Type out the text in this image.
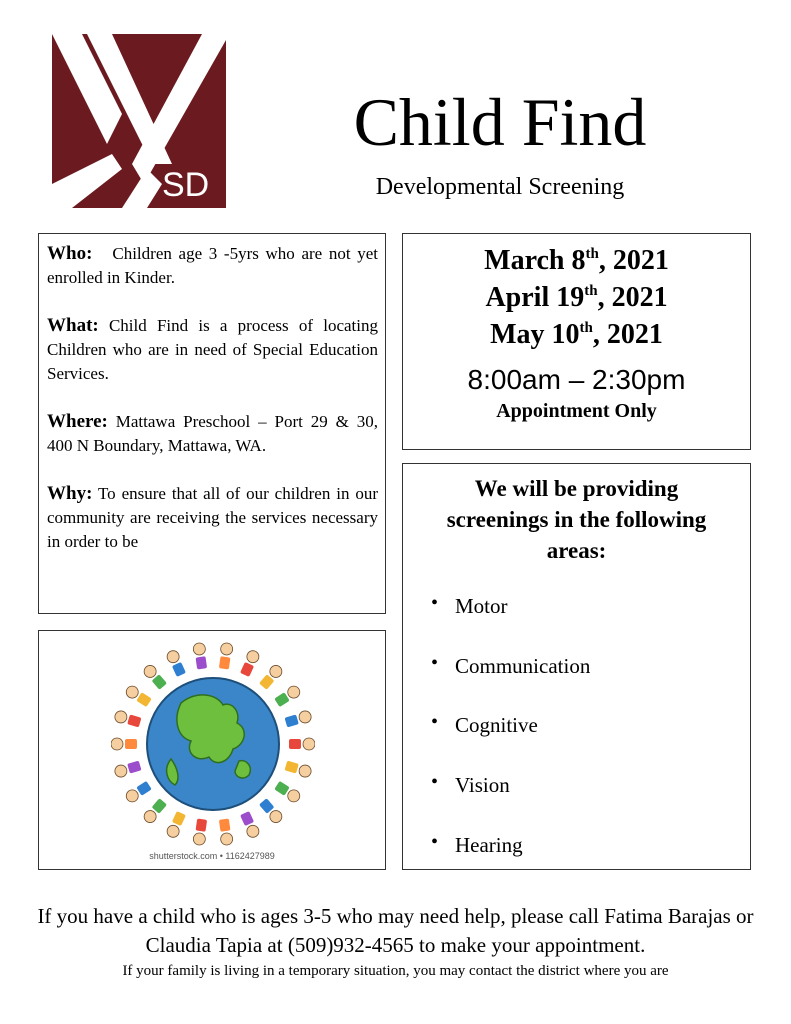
SD
Child Find
Developmental Screening

Who: Children age 3 -5yrs who are not yet enrolled in Kinder.

What: Child Find is a process of locating Children who are in need of Special Education Services.

Where: Mattawa Preschool – Port 29 & 30, 400 N Boundary, Mattawa, WA.

Why: To ensure that all of our children in our community are receiving the services necessary in order to be

March 8th, 2021
April 19th, 2021
May 10th, 2021
8:00am – 2:30pm
Appointment Only
We will be providing screenings in the following areas:
• Motor
• Communication
• Cognitive
• Vision
• Hearing
shutterstock.com • 1162427989
If you have a child who is ages 3-5 who may need help, please call Fatima Barajas or Claudia Tapia at (509)932-4565 to make your appointment.
If your family is living in a temporary situation, you may contact the district where you are
